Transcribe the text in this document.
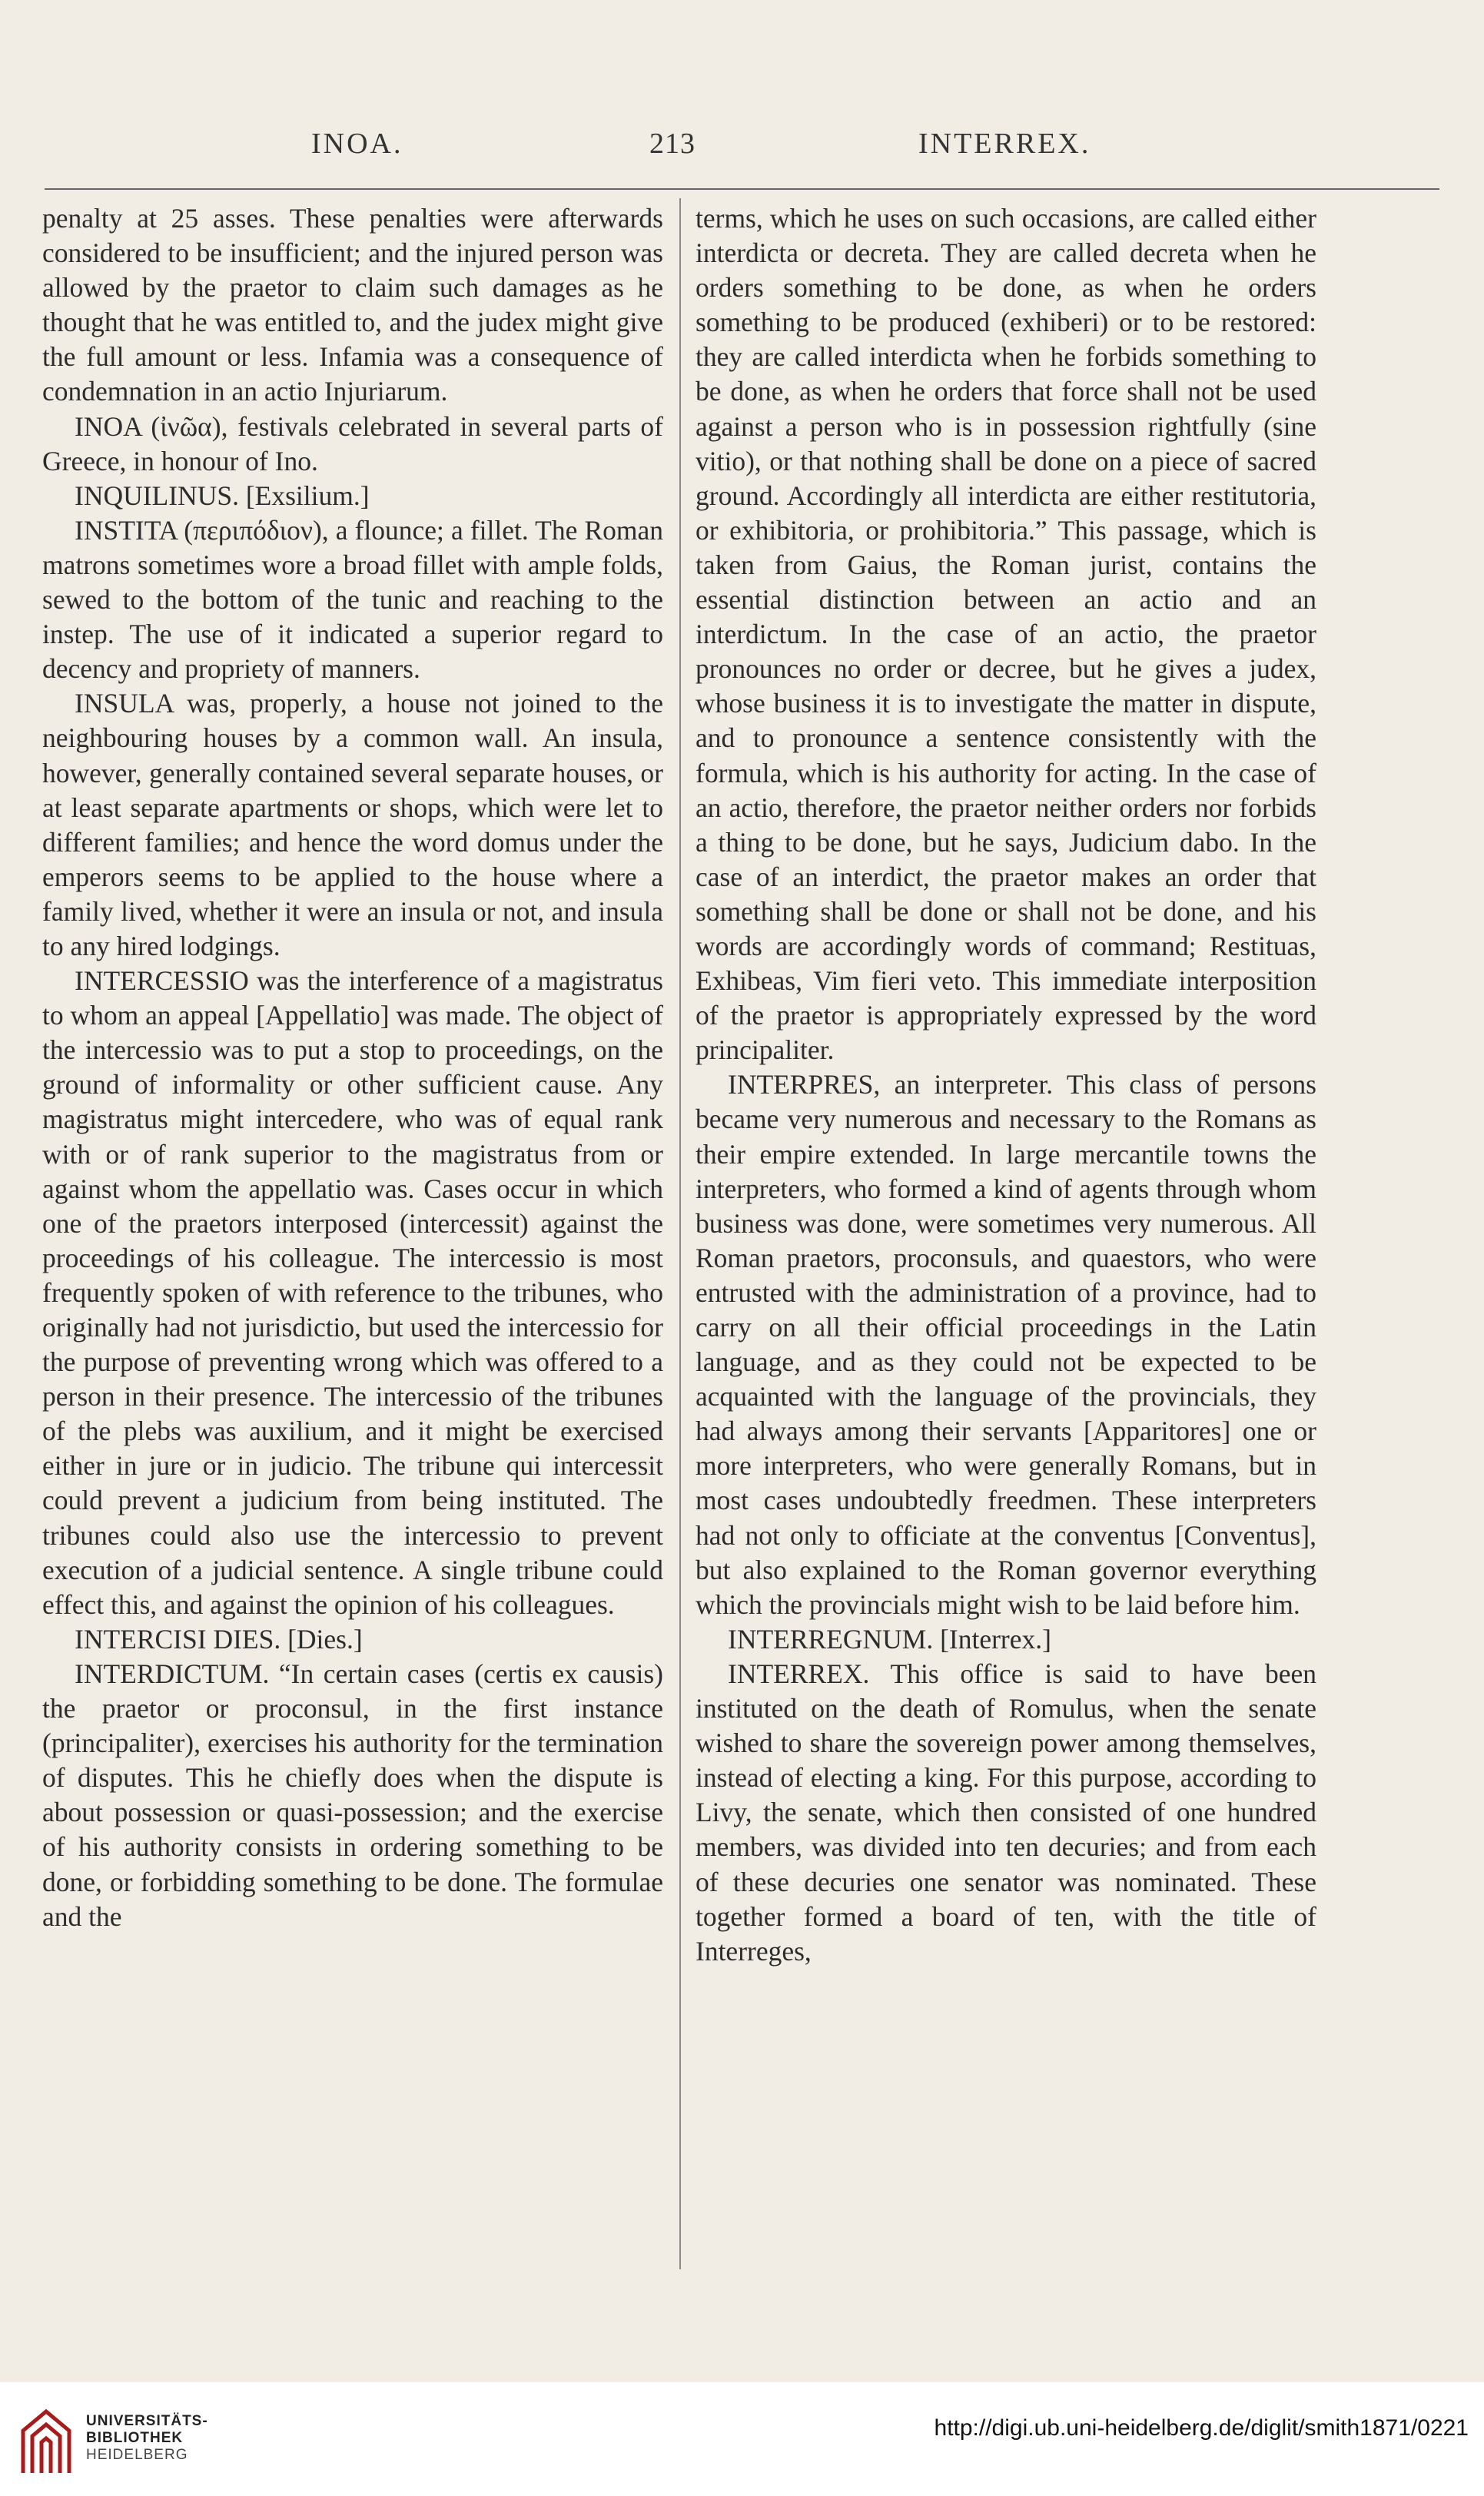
INOA.	213	INTERREX.

penalty at 25 asses. These penalties were afterwards considered to be insufficient; and the injured person was allowed by the praetor to claim such damages as he thought that he was entitled to, and the judex might give the full amount or less. Infamia was a consequence of condemnation in an actio Injuriarum.

INOA (ἰνῶα), festivals celebrated in several parts of Greece, in honour of Ino.

INQUILINUS. [Exsilium.]

INSTITA (περιπόδιον), a flounce; a fillet. The Roman matrons sometimes wore a broad fillet with ample folds, sewed to the bottom of the tunic and reaching to the instep. The use of it indicated a superior regard to decency and propriety of manners.

INSULA was, properly, a house not joined to the neighbouring houses by a common wall. An insula, however, generally contained several separate houses, or at least separate apartments or shops, which were let to different families; and hence the word domus under the emperors seems to be applied to the house where a family lived, whether it were an insula or not, and insula to any hired lodgings.

INTERCESSIO was the interference of a magistratus to whom an appeal [Appellatio] was made. The object of the intercessio was to put a stop to proceedings, on the ground of informality or other sufficient cause. Any magistratus might intercedere, who was of equal rank with or of rank superior to the magistratus from or against whom the appellatio was. Cases occur in which one of the praetors interposed (intercessit) against the proceedings of his colleague. The intercessio is most frequently spoken of with reference to the tribunes, who originally had not jurisdictio, but used the intercessio for the purpose of preventing wrong which was offered to a person in their presence. The intercessio of the tribunes of the plebs was auxilium, and it might be exercised either in jure or in judicio. The tribune qui intercessit could prevent a judicium from being instituted. The tribunes could also use the intercessio to prevent execution of a judicial sentence. A single tribune could effect this, and against the opinion of his colleagues.

INTERCISI DIES. [Dies.]

INTERDICTUM. “In certain cases (certis ex causis) the praetor or proconsul, in the first instance (principaliter), exercises his authority for the termination of disputes. This he chiefly does when the dispute is about possession or quasi-possession; and the exercise of his authority consists in ordering something to be done, or forbidding something to be done. The formulae and the

terms, which he uses on such occasions, are called either interdicta or decreta. They are called decreta when he orders something to be done, as when he orders something to be produced (exhiberi) or to be restored: they are called interdicta when he forbids something to be done, as when he orders that force shall not be used against a person who is in possession rightfully (sine vitio), or that nothing shall be done on a piece of sacred ground. Accordingly all interdicta are either restitutoria, or exhibitoria, or prohibitoria.” This passage, which is taken from Gaius, the Roman jurist, contains the essential distinction between an actio and an interdictum. In the case of an actio, the praetor pronounces no order or decree, but he gives a judex, whose business it is to investigate the matter in dispute, and to pronounce a sentence consistently with the formula, which is his authority for acting. In the case of an actio, therefore, the praetor neither orders nor forbids a thing to be done, but he says, Judicium dabo. In the case of an interdict, the praetor makes an order that something shall be done or shall not be done, and his words are accordingly words of command; Restituas, Exhibeas, Vim fieri veto. This immediate interposition of the praetor is appropriately expressed by the word principaliter.

INTERPRES, an interpreter. This class of persons became very numerous and necessary to the Romans as their empire extended. In large mercantile towns the interpreters, who formed a kind of agents through whom business was done, were sometimes very numerous. All Roman praetors, proconsuls, and quaestors, who were entrusted with the administration of a province, had to carry on all their official proceedings in the Latin language, and as they could not be expected to be acquainted with the language of the provincials, they had always among their servants [Apparitores] one or more interpreters, who were generally Romans, but in most cases undoubtedly freedmen. These interpreters had not only to officiate at the conventus [Conventus], but also explained to the Roman governor everything which the provincials might wish to be laid before him.

INTERREGNUM. [Interrex.]

INTERREX. This office is said to have been instituted on the death of Romulus, when the senate wished to share the sovereign power among themselves, instead of electing a king. For this purpose, according to Livy, the senate, which then consisted of one hundred members, was divided into ten decuries; and from each of these decuries one senator was nominated. These together formed a board of ten, with the title of Interreges,

UNIVERSITÄTS-
BIBLIOTHEK
HEIDELBERG
http://digi.ub.uni-heidelberg.de/diglit/smith1871/0221
